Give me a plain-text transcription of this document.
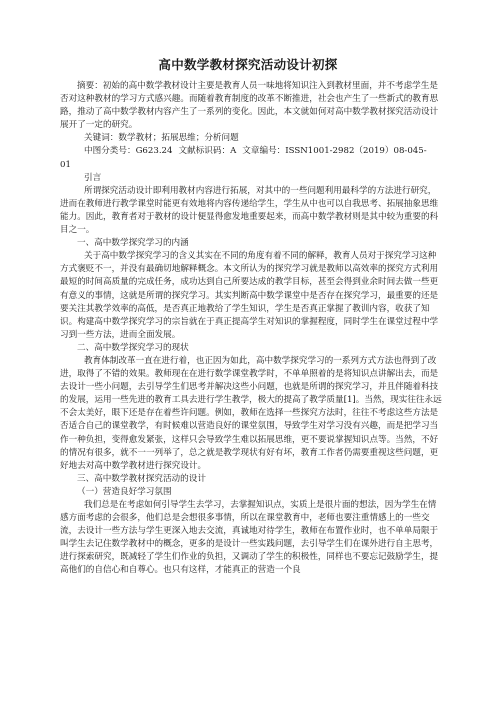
高中数学教材探究活动设计初探

摘要：初始的高中数学教材设计主要是教育人员一味地将知识注入到教材里面，并不考虑学生是否对这种教材的学习方式感兴趣。而随着教育制度的改革不断推进，社会也产生了一些新式的教育思路，推动了高中数学教材内容产生了一系列的变化。因此，本文就如何对高中数学教材探究活动设计展开了一定的研究。

关键词：数学教材；拓展思维；分析问题

中图分类号：G623.24 文献标识码：A 文章编号：ISSN1001-2982（2019）08-045-01

引言

所谓探究活动设计即利用教材内容进行拓展，对其中的一些问题利用最科学的方法进行研究，进而在教师进行教学课堂时能更有效地将内容传递给学生，学生从中也可以自我思考、拓展抽象思维能力。因此，教育者对于教材的设计便显得愈发地重要起来，而高中数学教材则是其中较为重要的科目之一。

一、高中数学探究学习的内涵

关于高中数学探究学习的含义其实在不同的角度有着不同的解释，教育人员对于探究学习这种方式褒贬不一，并没有最确切地解释概念。本文所认为的探究学习就是教师以高效率的探究方式利用最短的时间高质量的完成任务，成功达到自己所要达成的教学目标，甚至会得到业余时间去做一些更有意义的事情，这就是所谓的探究学习。其实判断高中数学课堂中是否存在探究学习，最重要的还是要关注其教学效率的高低，是否真正地教给了学生知识，学生是否真正掌握了教训内容，收获了知识。构建高中数学探究学习的宗旨就在于真正提高学生对知识的掌握程度，同时学生在课堂过程中学习到一些方法，进而全面发展。

二、高中数学探究学习的现状

教育体制改革一直在进行着，也正因为如此，高中数学探究学习的一系列方式方法也得到了改进，取得了不错的效果。教师现在在进行数学课堂教学时，不单单照着的是将知识点讲解出去，而是去设计一些小问题，去引导学生们思考并解决这些小问题，也就是所谓的探究学习，并且伴随着科技的发展，运用一些先进的教育工具去进行学生教学，极大的提高了教学质量[1]。当然，现实往往永远不会太美好，眼下还是存在着些许问题。例如，教师在选择一些探究方法时，往往不考虑这些方法是否适合自己的课堂教学，有时候难以营造良好的课堂氛围，导致学生对学习没有兴趣，而是把学习当作一种负担，变得愈发紧张，这样只会导致学生难以拓展思维，更不要说掌握知识点等。当然，不好的情况有很多，就不一一列举了，总之就是教学现状有好有坏，教育工作者仍需要重视这些问题，更好地去对高中数学教材进行探究设计。

三、高中数学教材探究活动的设计

（一）营造良好学习氛围

我们总是在考虑如何引导学生去学习，去掌握知识点，实质上是很片面的想法，因为学生在情感方面考虑的会很多，他们总是会想很多事情，所以在课堂教育中，老师也要注重情感上的一些交流，去设计一些方法与学生更深入地去交流，真诚地对待学生，教师在布置作业时，也不单单局限于叫学生去记住数学教材中的概念，更多的是设计一些实践问题，去引导学生们在课外进行自主思考，进行探索研究，既减轻了学生们作业的负担，又调动了学生的积极性，同样也不要忘记鼓励学生，提高他们的自信心和自尊心。也只有这样，才能真正的营造一个良
